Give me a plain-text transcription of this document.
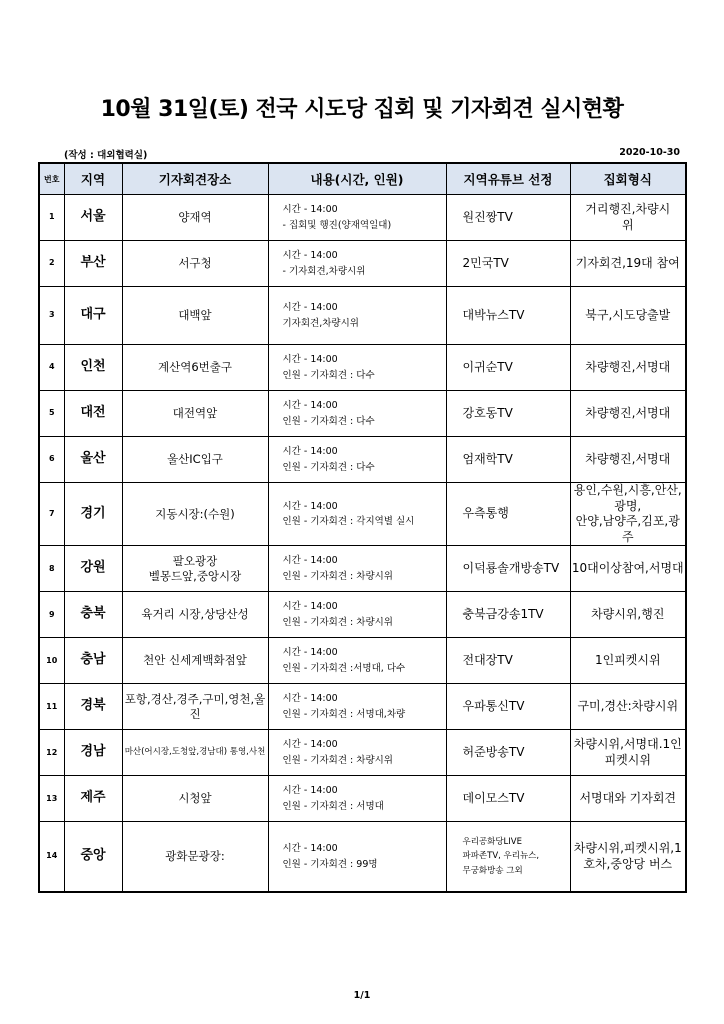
10월 31일(토) 전국 시도당 집회 및 기자회견 실시현황
(작성 : 대외협력실)	2020-10-30
번호	지역	기자회견장소	내용(시간, 인원)	지역유튜브 선정	집회형식
1	서울	양재역	시간 - 14:00
- 집회및 행진(양재역일대)	원진짱TV	거리행진,차량시
위

2	부산	서구청	시간 - 14:00
- 기자회견,차량시위	2민국TV	기자회견,19대 참여

3	대구	대백앞	시간 - 14:00
기자회견,차량시위	대박뉴스TV	북구,시도당출발

4	인천	계산역6번출구	시간 - 14:00
인원 - 기자회견 : 다수	이귀순TV	차량행진,서명대

5	대전	대전역앞	시간 - 14:00
인원 - 기자회견 : 다수	강호동TV	차량행진,서명대

6	울산	울산IC입구	시간 - 14:00
인원 - 기자회견 : 다수	엄재학TV	차량행진,서명대

7	경기	지동시장:(수원)	시간 - 14:00
인원 - 기자회견 : 각지역별 실시	우측통행	용인,수원,시흥,안산,광명,
안양,남양주,김포,광주

8	강원	팔오광장
벨몽드앞,중앙시장	시간 - 14:00
인원 - 기자회견 : 차량시위	이덕룡솔개방송TV	10대이상참여,서명대

9	충북	육거리 시장,상당산성	시간 - 14:00
인원 - 기자회견 : 차량시위	충북금강송1TV	차량시위,행진

10	충남	천안 신세계백화점앞	시간 - 14:00
인원 - 기자회견 :서명대, 다수	전대장TV	1인피켓시위

11	경북	포항,경산,경주,구미,영천,울진	시간 - 14:00
인원 - 기자회견 : 서명대,차량	우파통신TV	구미,경산:차량시위

12	경남	마산(어시장,도청앞,경남대) 통영,사천	시간 - 14:00
인원 - 기자회견 : 차량시위	허준방송TV	차량시위,서명대.1인
피켓시위

13	제주	시청앞	시간 - 14:00
인원 - 기자회견 : 서명대	데이모스TV	서명대와 기자회견

14	중앙	광화문광장:	시간 - 14:00
인원 - 기자회견 : 99명	우리공화당LIVE
파파존TV, 우리뉴스,
무궁화방송 그외	차량시위,피켓시위,1
호차,중앙당 버스
1/1
